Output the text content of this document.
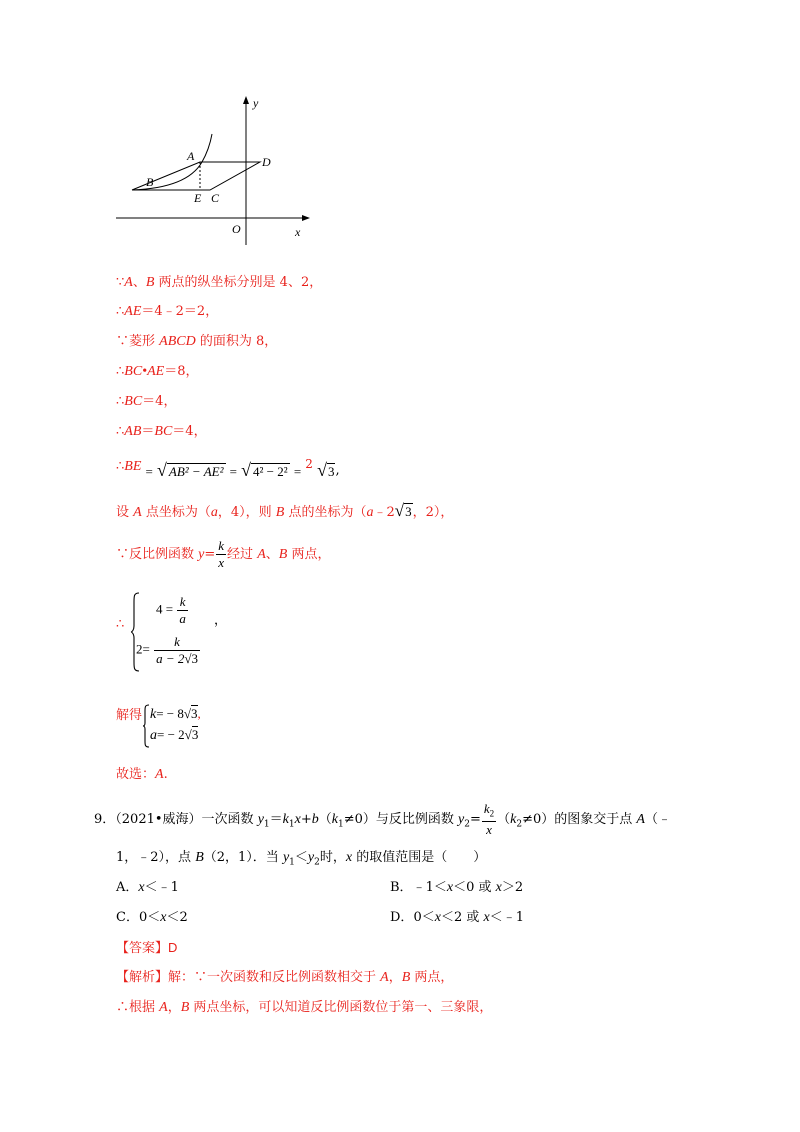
y
x
O
A
B
C
D
E
∵A、B 两点的纵坐标分别是 4、2，
∴AE＝4﹣2＝2，
∵菱形 ABCD 的面积为 8，
∴BC•AE＝8，
∴BC＝4，
∴AB＝BC＝4，
∴BE = √ AB² − AE² = √ 4² − 2² = 2 √3,
设 A 点坐标为（a，4），则 B 点的坐标为（a﹣2√3，2），
∵反比例函数 $y= \frac{k}{x}$ 经过 A、B 两点，
∴
$4 = \frac{k}{a}$
$2= \frac{k}{a - 2√3}$
，
解得 k= − 8√3,
a= − 2√3
故选：A.
9．（2021•威海）一次函数 $y_1=k_1x+b(k_1\ne 0)$与反比例函数 $y_2= \frac{k_2}{x} (k_2\ne 0)$的图象交于点 A（﹣
1，﹣2），点 B（2，1）．当 $y_1<y_2$时，x 的取值范围是（　　）
A．x＜﹣1	B．﹣1＜x＜0 或 x＞2
C．0＜x＜2	D．0＜x＜2 或 x＜﹣1
【答案】D
【解析】解：∵一次函数和反比例函数相交于 A，B 两点，
∴根据 A，B 两点坐标，可以知道反比例函数位于第一、三象限，
